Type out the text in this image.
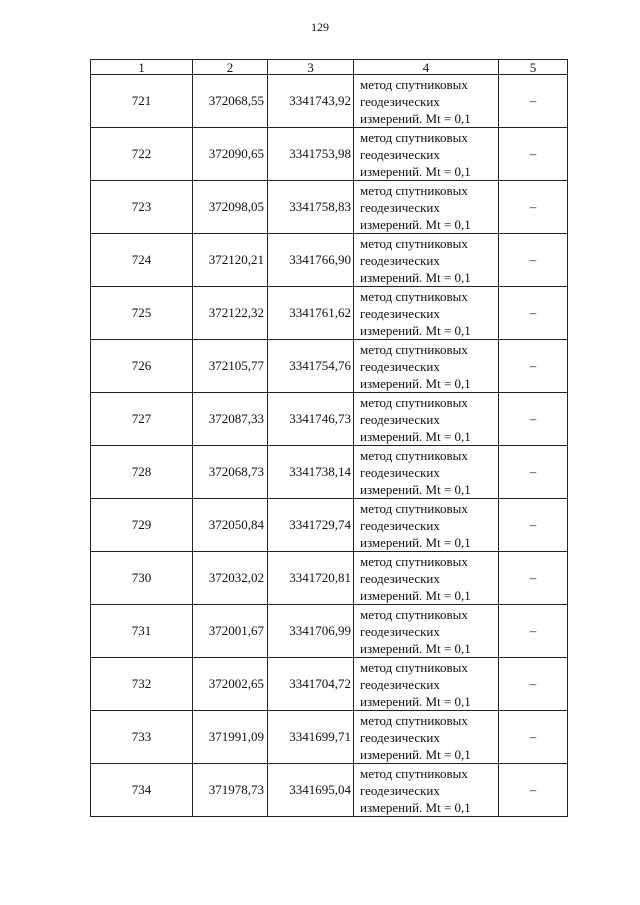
129
1	2	3	4	5
721	372068,55	3341743,92	метод спутниковых
геодезических
измерений. Mt = 0,1	–
722	372090,65	3341753,98	метод спутниковых
геодезических
измерений. Mt = 0,1	–
723	372098,05	3341758,83	метод спутниковых
геодезических
измерений. Mt = 0,1	–
724	372120,21	3341766,90	метод спутниковых
геодезических
измерений. Mt = 0,1	–
725	372122,32	3341761,62	метод спутниковых
геодезических
измерений. Mt = 0,1	–
726	372105,77	3341754,76	метод спутниковых
геодезических
измерений. Mt = 0,1	–
727	372087,33	3341746,73	метод спутниковых
геодезических
измерений. Mt = 0,1	–
728	372068,73	3341738,14	метод спутниковых
геодезических
измерений. Mt = 0,1	–
729	372050,84	3341729,74	метод спутниковых
геодезических
измерений. Mt = 0,1	–
730	372032,02	3341720,81	метод спутниковых
геодезических
измерений. Mt = 0,1	–
731	372001,67	3341706,99	метод спутниковых
геодезических
измерений. Mt = 0,1	–
732	372002,65	3341704,72	метод спутниковых
геодезических
измерений. Mt = 0,1	–
733	371991,09	3341699,71	метод спутниковых
геодезических
измерений. Mt = 0,1	–
734	371978,73	3341695,04	метод спутниковых
геодезических
измерений. Mt = 0,1	–
